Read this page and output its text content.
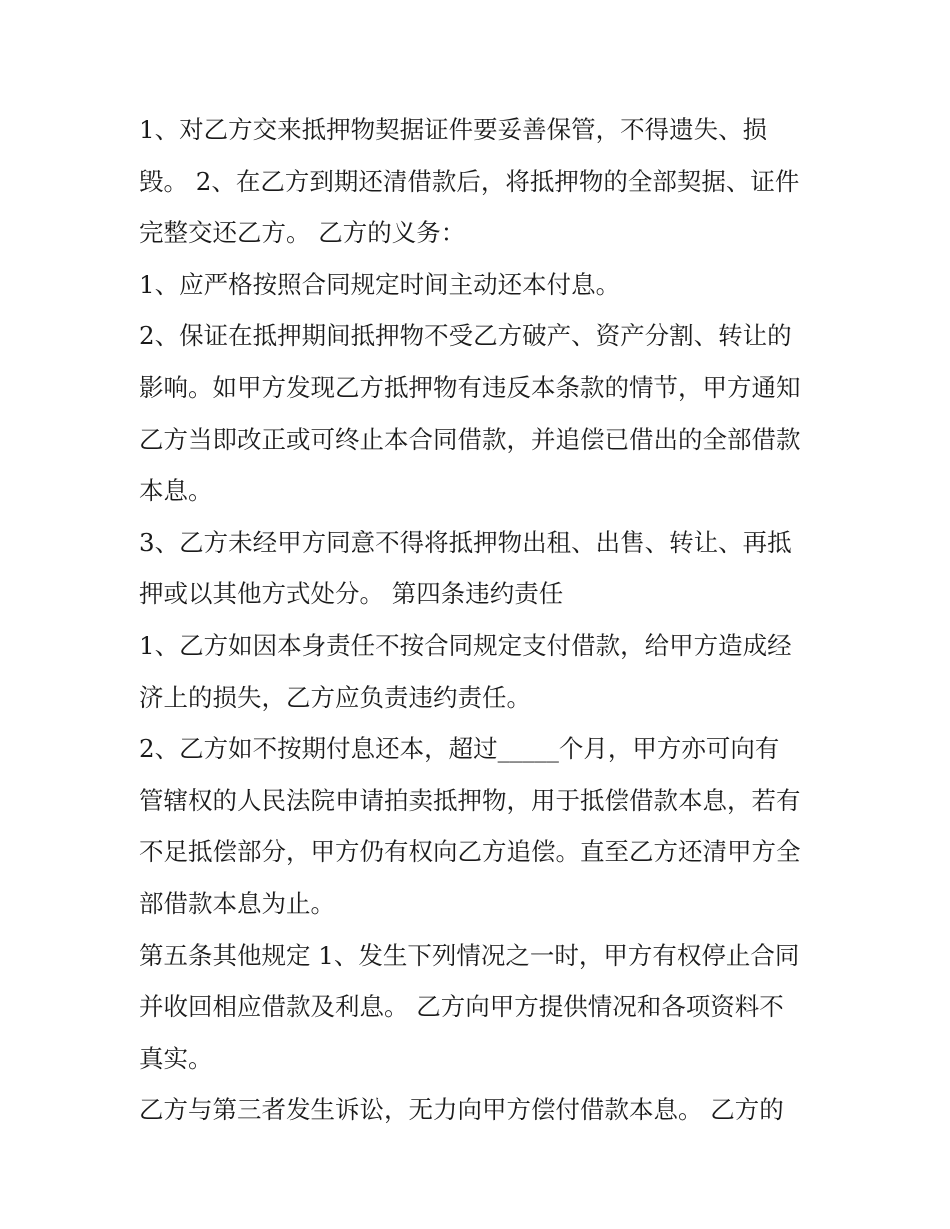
1、对乙方交来抵押物契据证件要妥善保管，不得遗失、损
毁。 2、在乙方到期还清借款后，将抵押物的全部契据、证件
完整交还乙方。 乙方的义务：
1、应严格按照合同规定时间主动还本付息。
2、保证在抵押期间抵押物不受乙方破产、资产分割、转让的
影响。如甲方发现乙方抵押物有违反本条款的情节，甲方通知
乙方当即改正或可终止本合同借款，并追偿已借出的全部借款
本息。
3、乙方未经甲方同意不得将抵押物出租、出售、转让、再抵
押或以其他方式处分。 第四条违约责任
1、乙方如因本身责任不按合同规定支付借款，给甲方造成经
济上的损失，乙方应负责违约责任。
2、乙方如不按期付息还本，超过_____个月，甲方亦可向有
管辖权的人民法院申请拍卖抵押物，用于抵偿借款本息，若有
不足抵偿部分，甲方仍有权向乙方追偿。直至乙方还清甲方全
部借款本息为止。
第五条其他规定 1、发生下列情况之一时，甲方有权停止合同
并收回相应借款及利息。 乙方向甲方提供情况和各项资料不
真实。
乙方与第三者发生诉讼，无力向甲方偿付借款本息。 乙方的
